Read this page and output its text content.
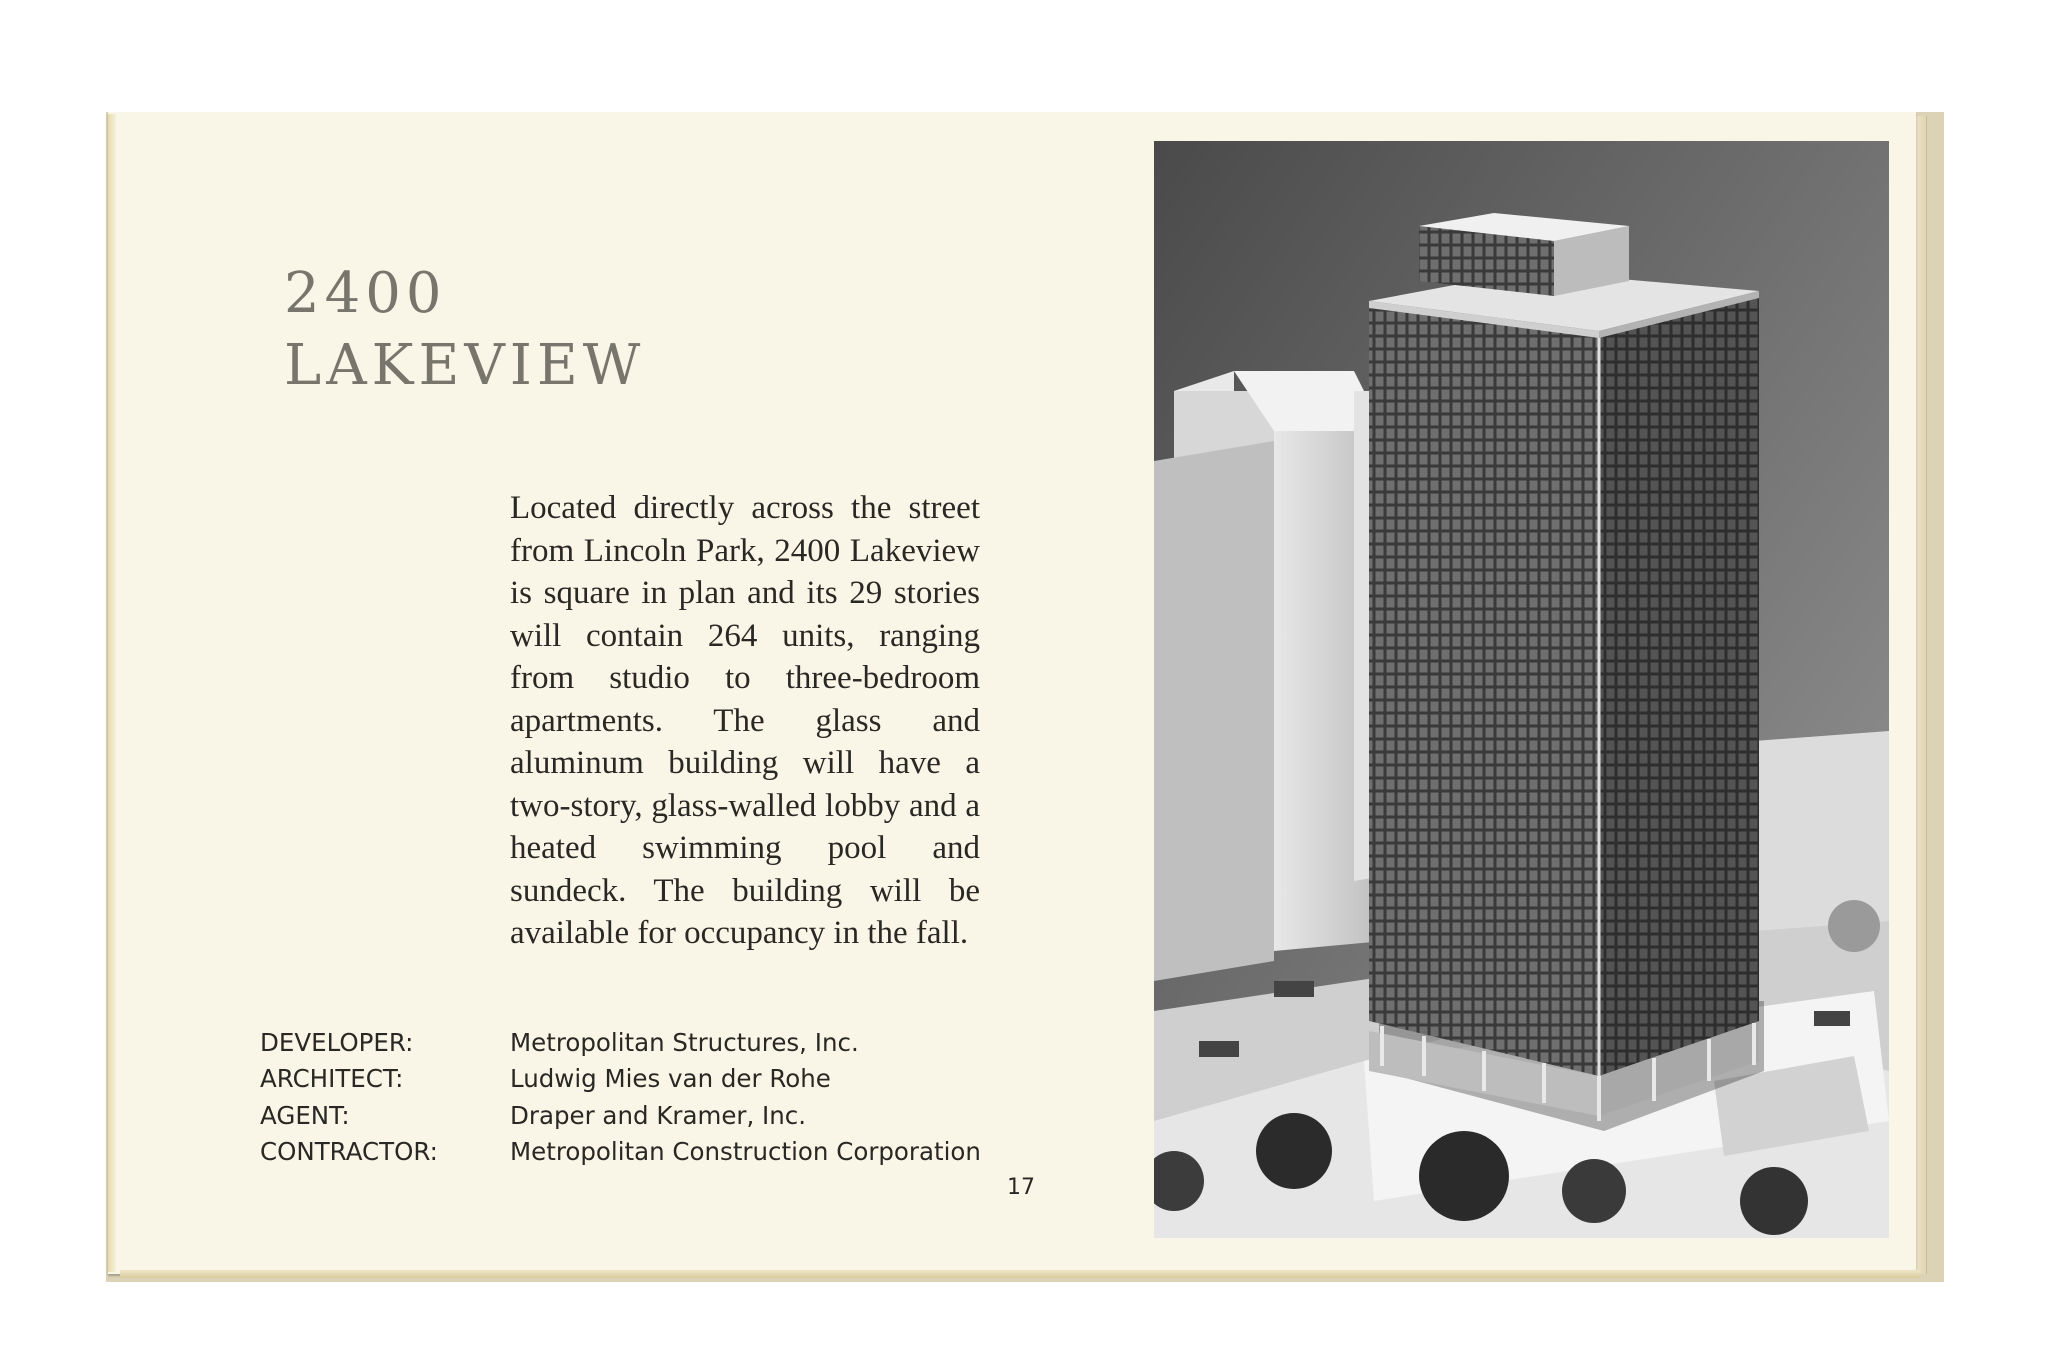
2400
LAKEVIEW

Located directly across the street from Lincoln Park, 2400 Lakeview is square in plan and its 29 stories will contain 264 units, ranging from studio to three-bedroom apartments. The glass and aluminum building will have a two-story, glass-walled lobby and a heated swimming pool and sundeck. The building will be available for occupancy in the fall.

DEVELOPER:	Metropolitan Structures, Inc.
ARCHITECT:	Ludwig Mies van der Rohe
AGENT:	Draper and Kramer, Inc.
CONTRACTOR:	Metropolitan Construction Corporation
17
